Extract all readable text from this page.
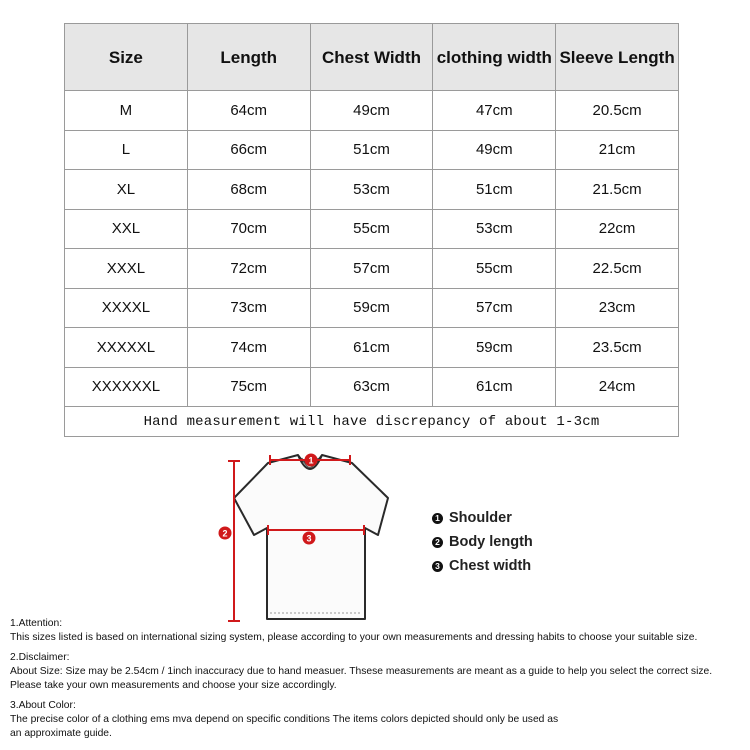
Size	Length	Chest Width	clothing width	Sleeve Length
M	64cm	49cm	47cm	20.5cm
L	66cm	51cm	49cm	21cm
XL	68cm	53cm	51cm	21.5cm
XXL	70cm	55cm	53cm	22cm
XXXL	72cm	57cm	55cm	22.5cm
XXXXL	73cm	59cm	57cm	23cm
XXXXXL	74cm	61cm	59cm	23.5cm
XXXXXXL	75cm	63cm	61cm	24cm
Hand measurement will have discrepancy of about 1-3cm				
1
2	3
1 Shoulder
2 Body length
3 Chest width
1.Attention:
This sizes listed is based on international sizing system, please according to your own measurements and dressing habits to choose your suitable size.
2.Disclaimer:
About Size: Size may be 2.54cm / 1inch inaccuracy due to hand measuer. Thsese measurements are meant as a guide to help you select the correct size.
Please take your own measurements and choose your size accordingly.
3.About Color:
The precise color of a clothing ems mva depend on specific conditions The items colors depicted should only be used as
an approximate guide.
